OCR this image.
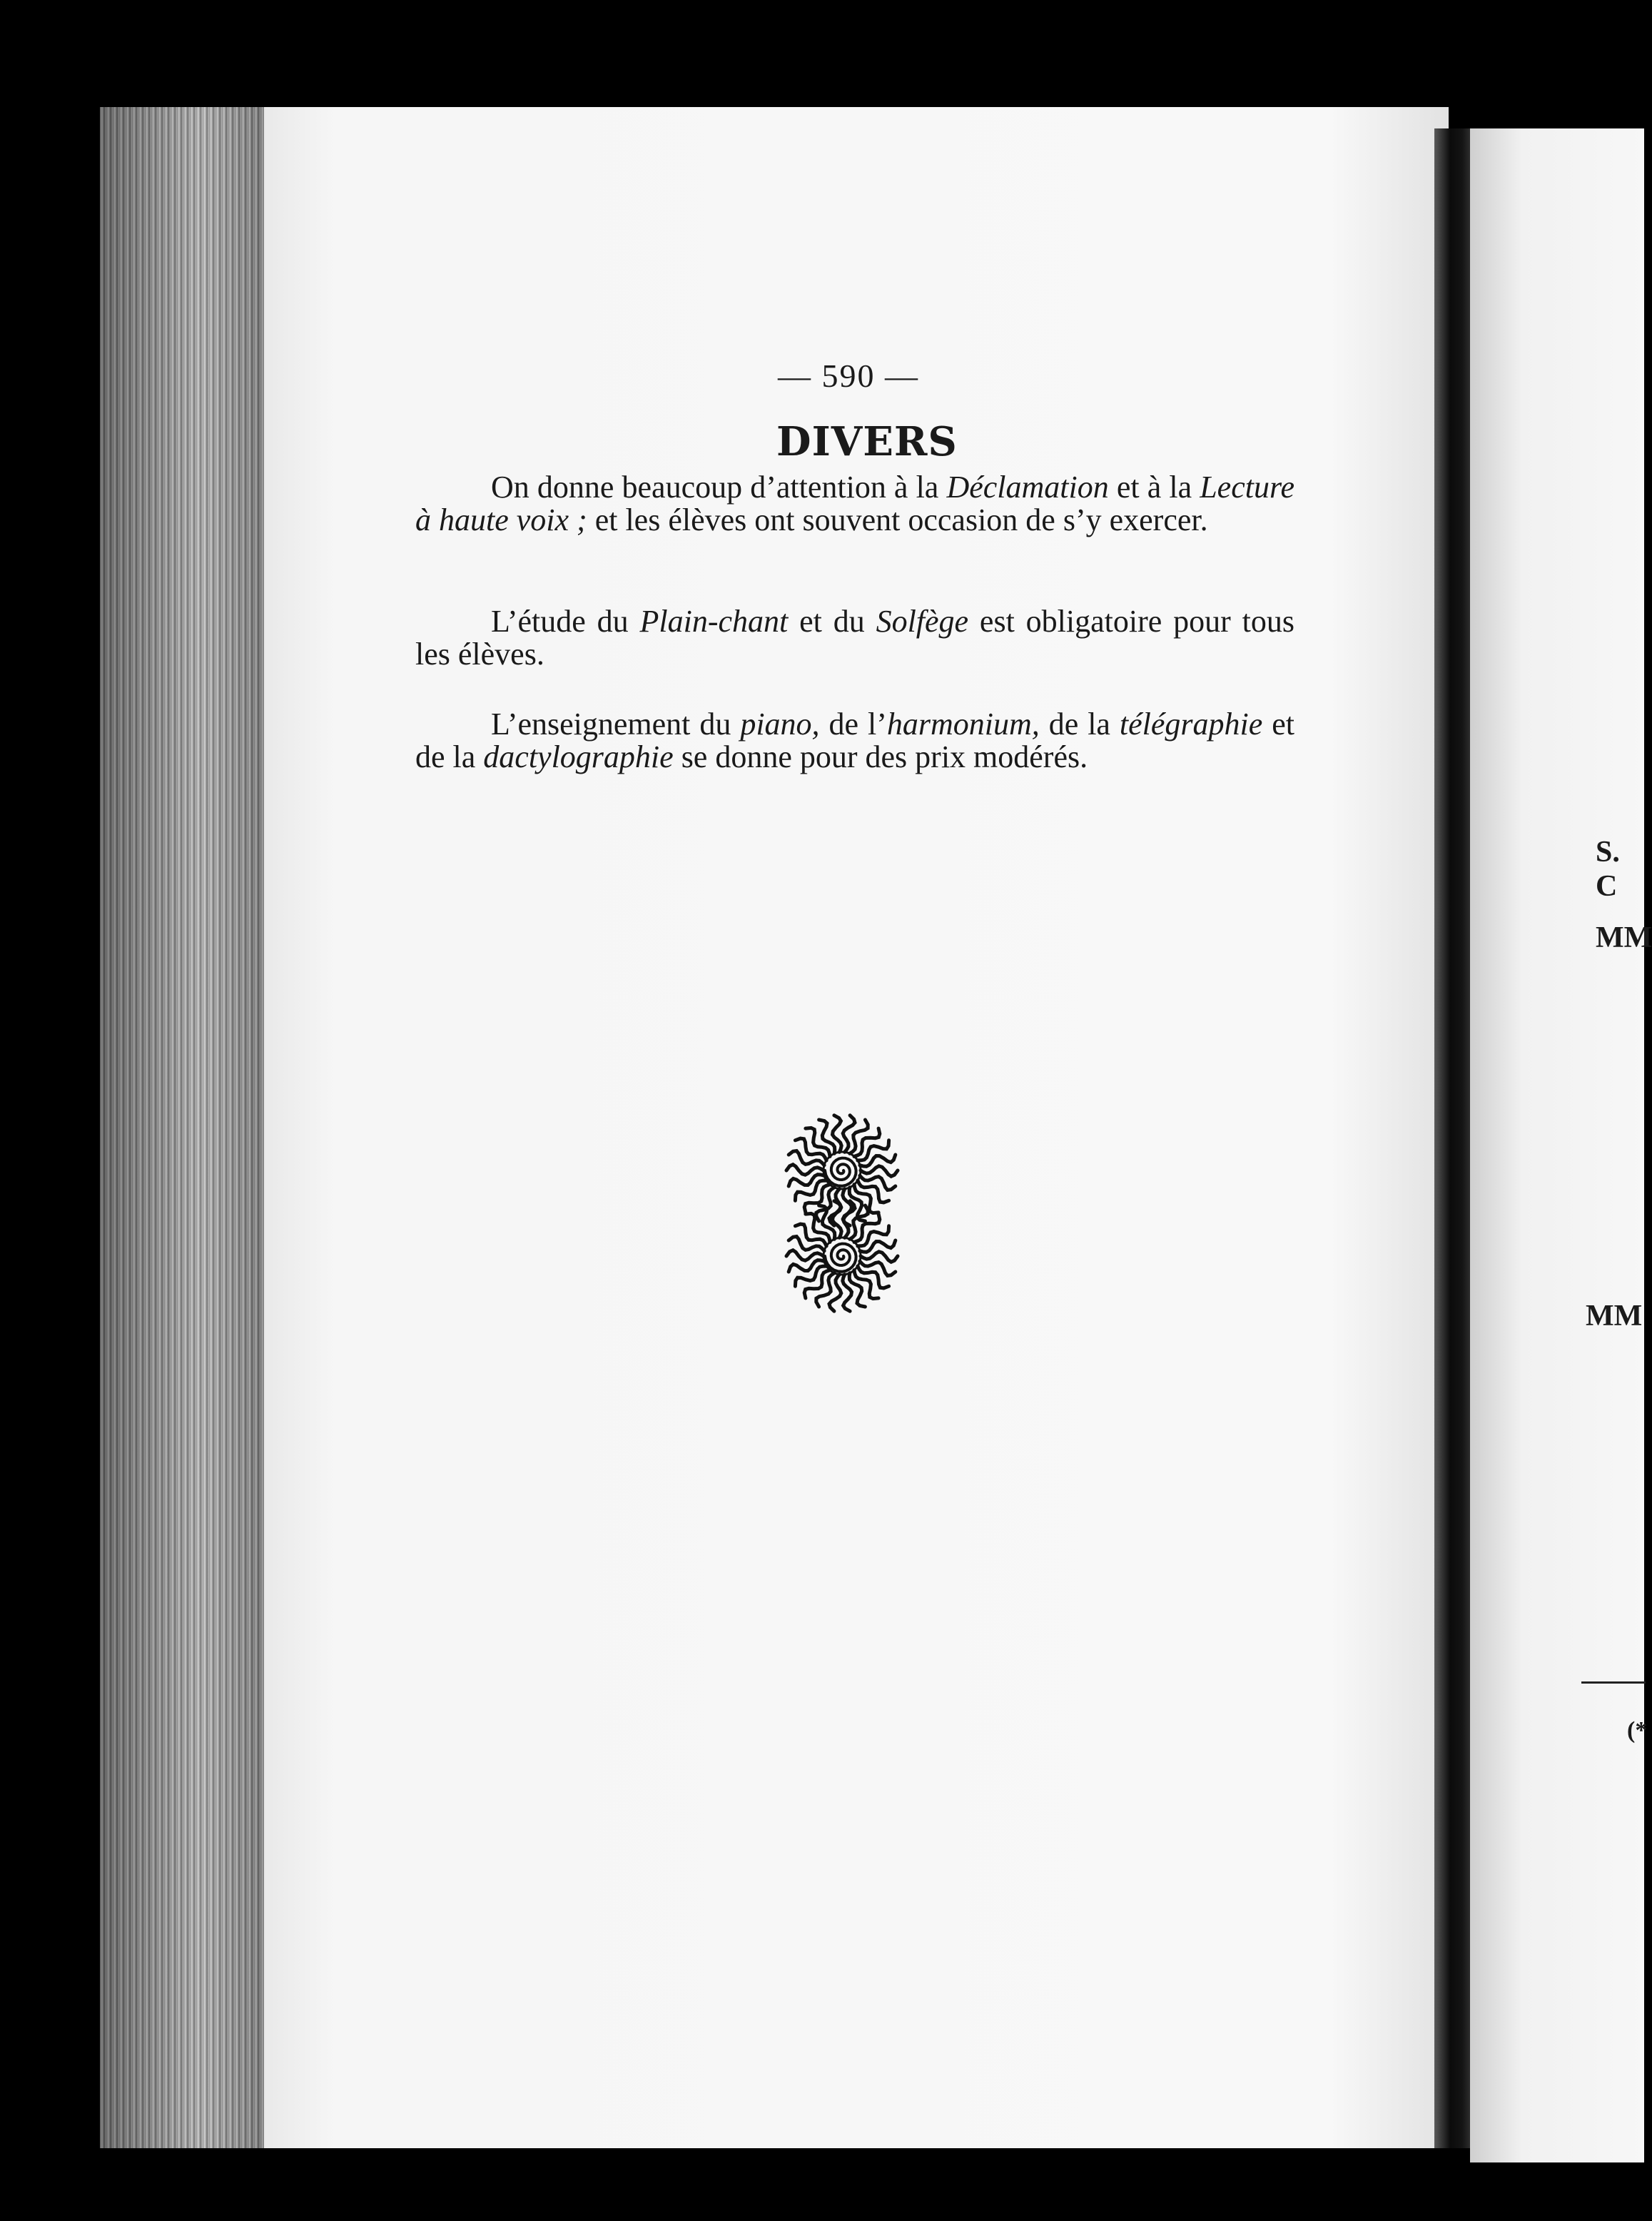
S. C
MM
MM
(*
— 590 —
DIVERS

On donne beaucoup d’attention à la Déclamation et à la Lecture à haute voix ; et les élèves ont souvent occasion de s’y exercer.

L’étude du Plain-chant et du Solfège est obligatoire pour tous les élèves.

L’enseignement du piano, de l’harmonium, de la télégraphie et de la dactylographie se donne pour des prix modérés.
